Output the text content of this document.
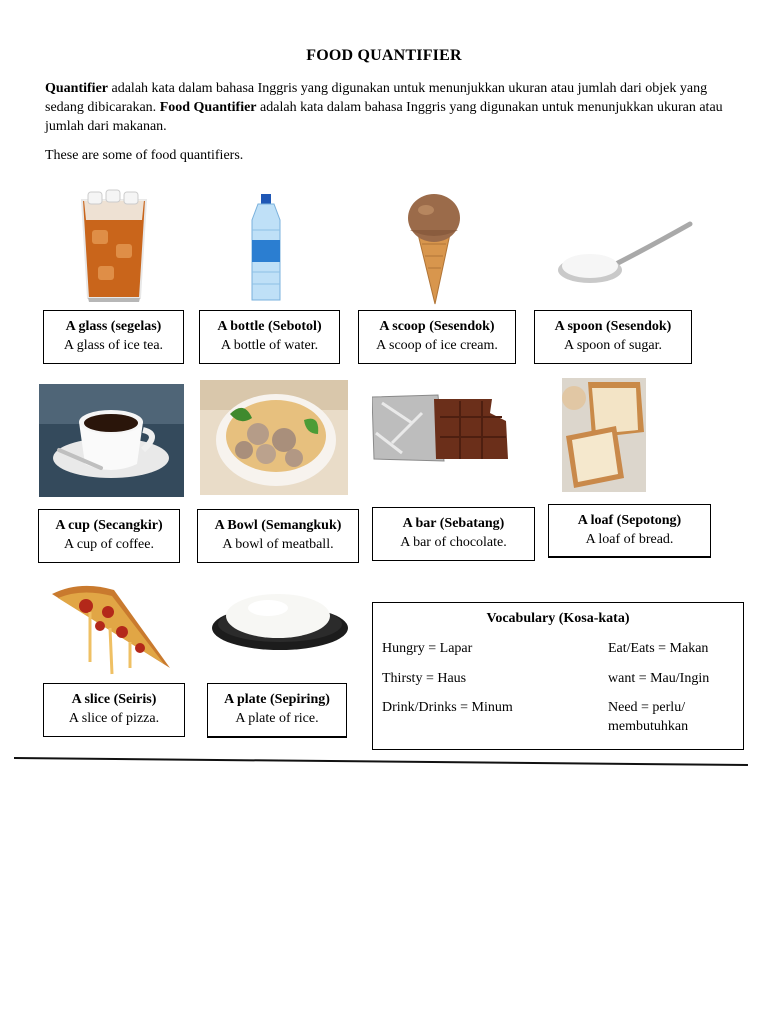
FOOD QUANTIFIER
Quantifier adalah kata dalam bahasa Inggris yang digunakan untuk menunjukkan ukuran atau jumlah dari objek yang sedang dibicarakan. Food Quantifier adalah kata dalam bahasa Inggris yang digunakan untuk menunjukkan ukuran atau jumlah dari makanan.
These are some of food quantifiers.
A glass (segelas)
A glass of ice tea.
A bottle (Sebotol)
A bottle of water.
A scoop (Sesendok)
A scoop of ice cream.
A spoon (Sesendok)
A spoon of sugar.
A cup (Secangkir)
A cup of coffee.
A Bowl (Semangkuk)
A bowl of meatball.
A bar (Sebatang)
A bar of chocolate.
A loaf (Sepotong)
A loaf of bread.
A slice (Seiris)
A slice of pizza.
A plate (Sepiring)
A plate of rice.
Vocabulary (Kosa-kata)
Hungry = Lapar
Thirsty = Haus
Drink/Drinks = Minum
Eat/Eats = Makan
want = Mau/Ingin
Need = perlu/ membutuhkan
